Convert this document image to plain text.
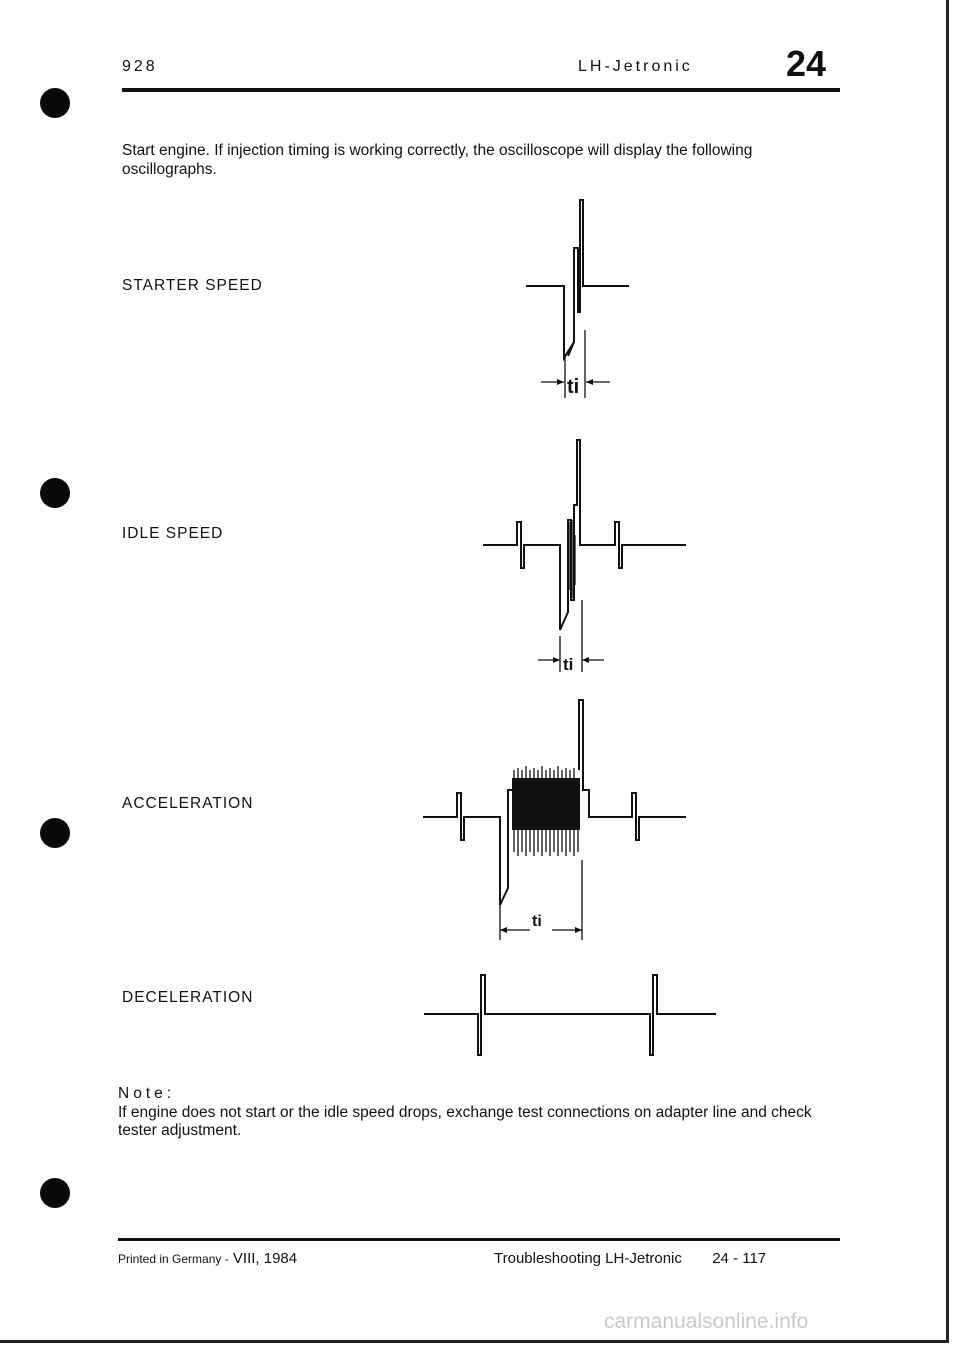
928	LH-Jetronic	24
Start engine. If injection timing is working correctly, the oscilloscope will display the following oscillographs.
STARTER SPEED
IDLE SPEED
ACCELERATION
DECELERATION
ti
ti
ti
Note:
If engine does not start or the idle speed drops, exchange test connections on adapter line and check tester adjustment.
Printed in Germany - VIII, 1984	Troubleshooting LH-Jetronic 24 - 117
carmanualsonline.info
